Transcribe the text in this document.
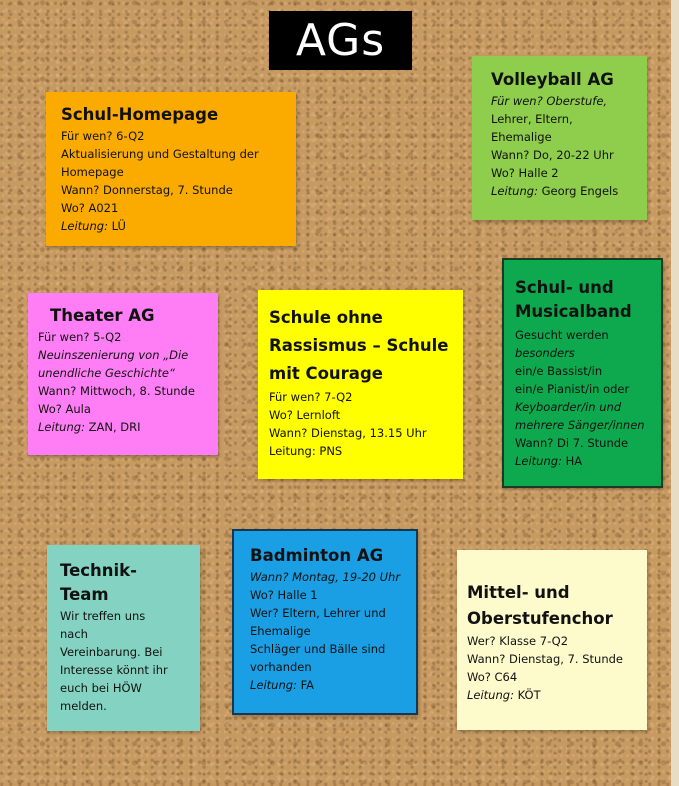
AGs
Schul-Homepage

Für wen? 6-Q2

Aktualisierung und Gestaltung der

Homepage

Wann? Donnerstag, 7. Stunde

Wo? A021

Leitung: LÜ

Volleyball AG

Für wen? Oberstufe,

Lehrer, Eltern,

Ehemalige

Wann? Do, 20-22 Uhr

Wo? Halle 2

Leitung: Georg Engels

Theater AG

Für wen? 5-Q2

Neuinszenierung von „Die

unendliche Geschichte“

Wann? Mittwoch, 8. Stunde

Wo? Aula

Leitung: ZAN, DRI

Schule ohne
Rassismus – Schule
mit Courage

Für wen? 7-Q2

Wo? Lernloft

Wann? Dienstag, 13.15 Uhr

Leitung: PNS

Schul- und
Musicalband

Gesucht werden

besonders

ein/e Bassist/in

ein/e Pianist/in oder

Keyboarder/in und

mehrere Sänger/innen

Wann? Di 7. Stunde

Leitung: HA

Technik-
Team

Wir treffen uns

nach

Vereinbarung. Bei

Interesse könnt ihr

euch bei HÖW

melden.

Badminton AG

Wann? Montag, 19-20 Uhr

Wo? Halle 1

Wer? Eltern, Lehrer und

Ehemalige

Schläger und Bälle sind

vorhanden

Leitung: FA

Mittel- und
Oberstufenchor

Wer? Klasse 7-Q2

Wann? Dienstag, 7. Stunde

Wo? C64

Leitung: KÖT
